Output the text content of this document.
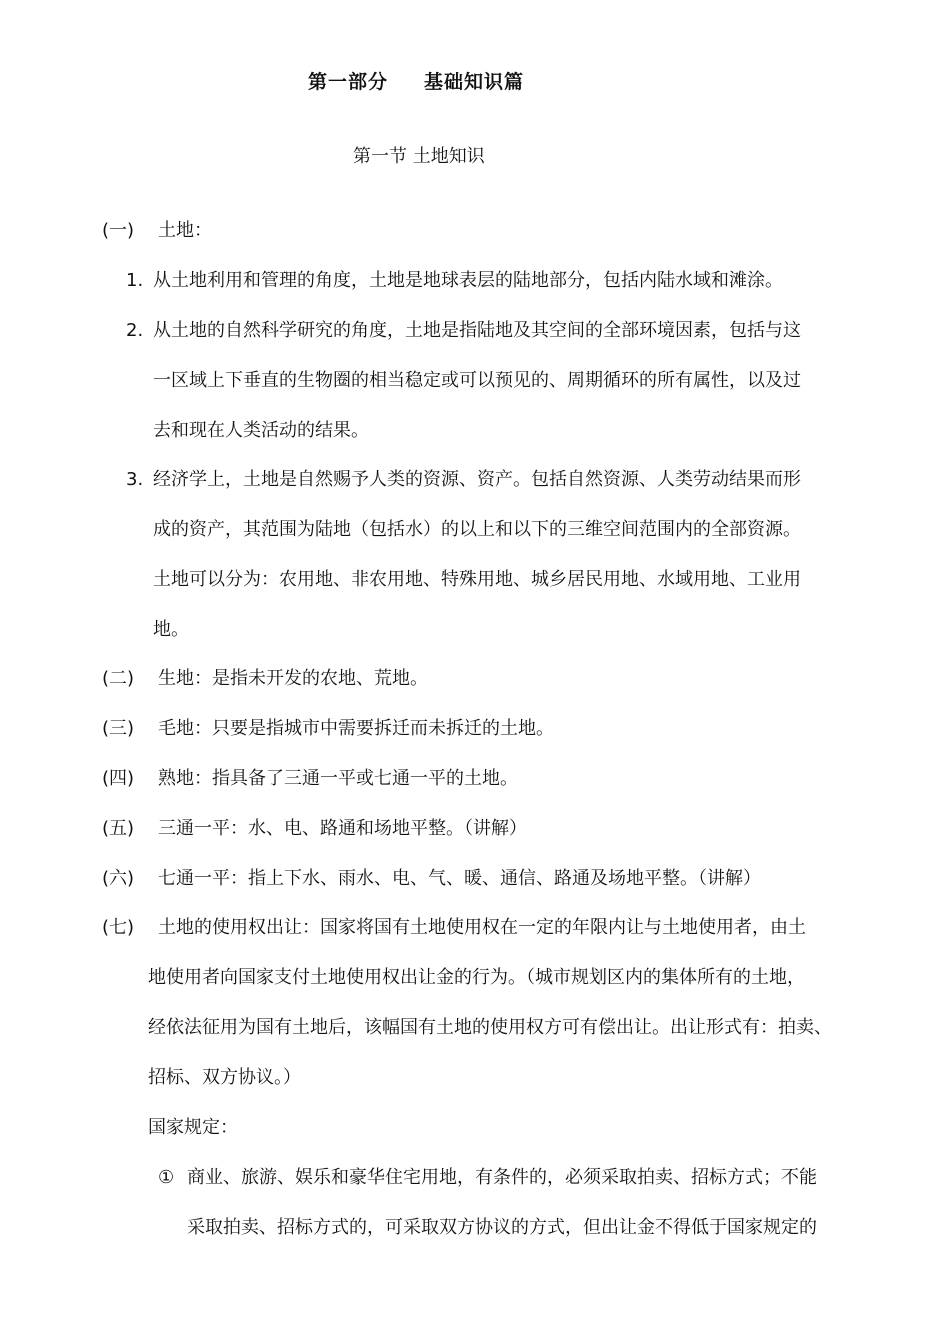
第一部分 基础知识篇
第一节 土地知识
(一) 土地：
1. 从土地利用和管理的角度，土地是地球表层的陆地部分，包括内陆水域和滩涂。
2. 从土地的自然科学研究的角度，土地是指陆地及其空间的全部环境因素，包括与这
一区域上下垂直的生物圈的相当稳定或可以预见的、周期循环的所有属性，以及过
去和现在人类活动的结果。
3. 经济学上，土地是自然赐予人类的资源、资产。包括自然资源、人类劳动结果而形
成的资产，其范围为陆地（包括水）的以上和以下的三维空间范围内的全部资源。
土地可以分为：农用地、非农用地、特殊用地、城乡居民用地、水域用地、工业用
地。
(二) 生地：是指未开发的农地、荒地。
(三) 毛地：只要是指城市中需要拆迁而未拆迁的土地。
(四) 熟地：指具备了三通一平或七通一平的土地。
(五) 三通一平：水、电、路通和场地平整。（讲解）
(六) 七通一平：指上下水、雨水、电、气、暖、通信、路通及场地平整。（讲解）
(七) 土地的使用权出让：国家将国有土地使用权在一定的年限内让与土地使用者，由土
地使用者向国家支付土地使用权出让金的行为。（城市规划区内的集体所有的土地，
经依法征用为国有土地后，该幅国有土地的使用权方可有偿出让。出让形式有：拍卖、
招标、双方协议。）
国家规定：
① 商业、旅游、娱乐和豪华住宅用地，有条件的，必须采取拍卖、招标方式；不能
采取拍卖、招标方式的，可采取双方协议的方式，但出让金不得低于国家规定的
